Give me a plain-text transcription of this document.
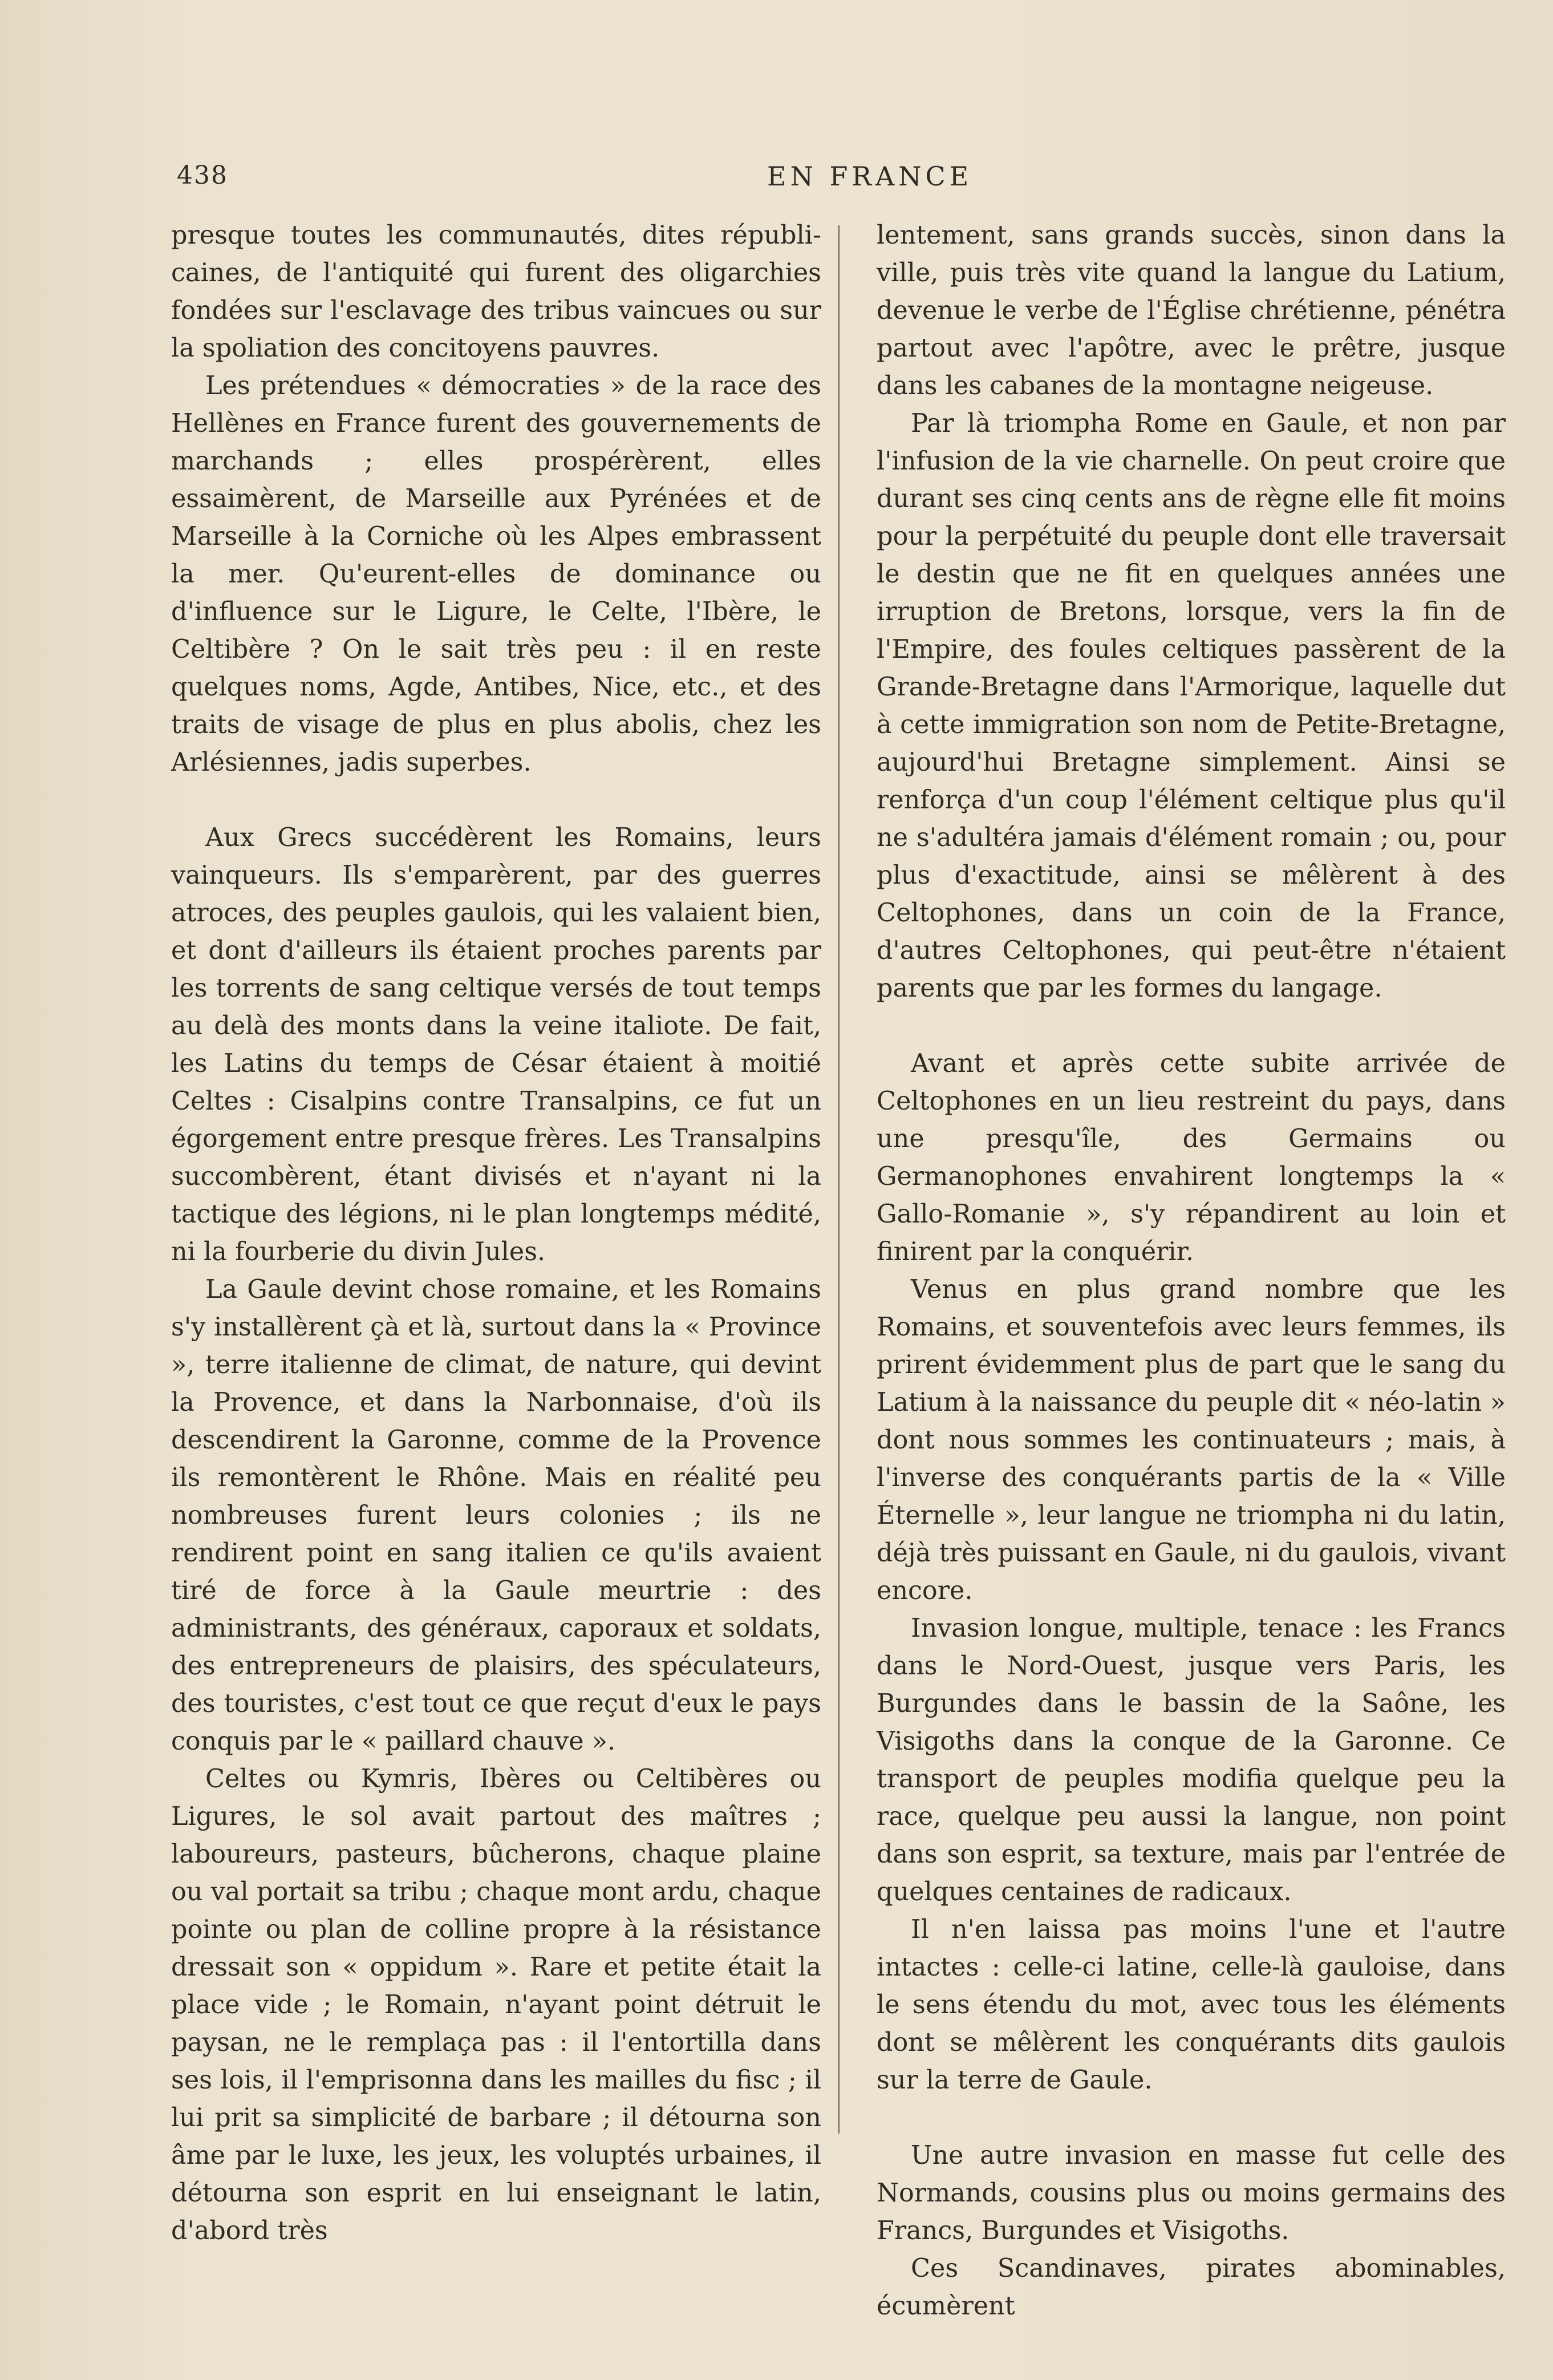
438	EN FRANCE

presque toutes les communautés, dites républi-caines, de l'antiquité qui furent des oligarchies fondées sur l'esclavage des tribus vaincues ou sur la spoliation des concitoyens pauvres.

Les prétendues « démocraties » de la race des Hellènes en France furent des gouvernements de marchands ; elles prospérèrent, elles essaimèrent, de Marseille aux Pyrénées et de Marseille à la Corniche où les Alpes embrassent la mer. Qu'eurent-elles de dominance ou d'influence sur le Ligure, le Celte, l'Ibère, le Celtibère ? On le sait très peu : il en reste quelques noms, Agde, Antibes, Nice, etc., et des traits de visage de plus en plus abolis, chez les Arlésiennes, jadis superbes.

Aux Grecs succédèrent les Romains, leurs vainqueurs. Ils s'emparèrent, par des guerres atroces, des peuples gaulois, qui les valaient bien, et dont d'ailleurs ils étaient proches parents par les torrents de sang celtique versés de tout temps au delà des monts dans la veine italiote. De fait, les Latins du temps de César étaient à moitié Celtes : Cisalpins contre Transalpins, ce fut un égorgement entre presque frères. Les Transalpins succombèrent, étant divisés et n'ayant ni la tactique des légions, ni le plan longtemps médité, ni la fourberie du divin Jules.

La Gaule devint chose romaine, et les Romains s'y installèrent çà et là, surtout dans la « Province », terre italienne de climat, de nature, qui devint la Provence, et dans la Narbonnaise, d'où ils descendirent la Garonne, comme de la Provence ils remontèrent le Rhône. Mais en réalité peu nombreuses furent leurs colonies ; ils ne rendirent point en sang italien ce qu'ils avaient tiré de force à la Gaule meurtrie : des administrants, des généraux, caporaux et soldats, des entrepreneurs de plaisirs, des spéculateurs, des touristes, c'est tout ce que reçut d'eux le pays conquis par le « paillard chauve ».

Celtes ou Kymris, Ibères ou Celtibères ou Ligures, le sol avait partout des maîtres ; laboureurs, pasteurs, bûcherons, chaque plaine ou val portait sa tribu ; chaque mont ardu, chaque pointe ou plan de colline propre à la résistance dressait son « oppidum ». Rare et petite était la place vide ; le Romain, n'ayant point détruit le paysan, ne le remplaça pas : il l'entortilla dans ses lois, il l'emprisonna dans les mailles du fisc ; il lui prit sa simplicité de barbare ; il détourna son âme par le luxe, les jeux, les voluptés urbaines, il détourna son esprit en lui enseignant le latin, d'abord très

lentement, sans grands succès, sinon dans la ville, puis très vite quand la langue du Latium, devenue le verbe de l'Église chrétienne, pénétra partout avec l'apôtre, avec le prêtre, jusque dans les cabanes de la montagne neigeuse.

Par là triompha Rome en Gaule, et non par l'infusion de la vie charnelle. On peut croire que durant ses cinq cents ans de règne elle fit moins pour la perpétuité du peuple dont elle traversait le destin que ne fit en quelques années une irruption de Bretons, lorsque, vers la fin de l'Empire, des foules celtiques passèrent de la Grande-Bretagne dans l'Armorique, laquelle dut à cette immigration son nom de Petite-Bretagne, aujourd'hui Bretagne simplement. Ainsi se renforça d'un coup l'élément celtique plus qu'il ne s'adultéra jamais d'élément romain ; ou, pour plus d'exactitude, ainsi se mêlèrent à des Celtophones, dans un coin de la France, d'autres Celtophones, qui peut-être n'étaient parents que par les formes du langage.

Avant et après cette subite arrivée de Celtophones en un lieu restreint du pays, dans une presqu'île, des Germains ou Germanophones envahirent longtemps la « Gallo-Romanie », s'y répandirent au loin et finirent par la conquérir.

Venus en plus grand nombre que les Romains, et souventefois avec leurs femmes, ils prirent évidemment plus de part que le sang du Latium à la naissance du peuple dit « néo-latin » dont nous sommes les continuateurs ; mais, à l'inverse des conquérants partis de la « Ville Éternelle », leur langue ne triompha ni du latin, déjà très puissant en Gaule, ni du gaulois, vivant encore.

Invasion longue, multiple, tenace : les Francs dans le Nord-Ouest, jusque vers Paris, les Burgundes dans le bassin de la Saône, les Visigoths dans la conque de la Garonne. Ce transport de peuples modifia quelque peu la race, quelque peu aussi la langue, non point dans son esprit, sa texture, mais par l'entrée de quelques centaines de radicaux.

Il n'en laissa pas moins l'une et l'autre intactes : celle-ci latine, celle-là gauloise, dans le sens étendu du mot, avec tous les éléments dont se mêlèrent les conquérants dits gaulois sur la terre de Gaule.

Une autre invasion en masse fut celle des Normands, cousins plus ou moins germains des Francs, Burgundes et Visigoths.

Ces Scandinaves, pirates abominables, écumèrent
